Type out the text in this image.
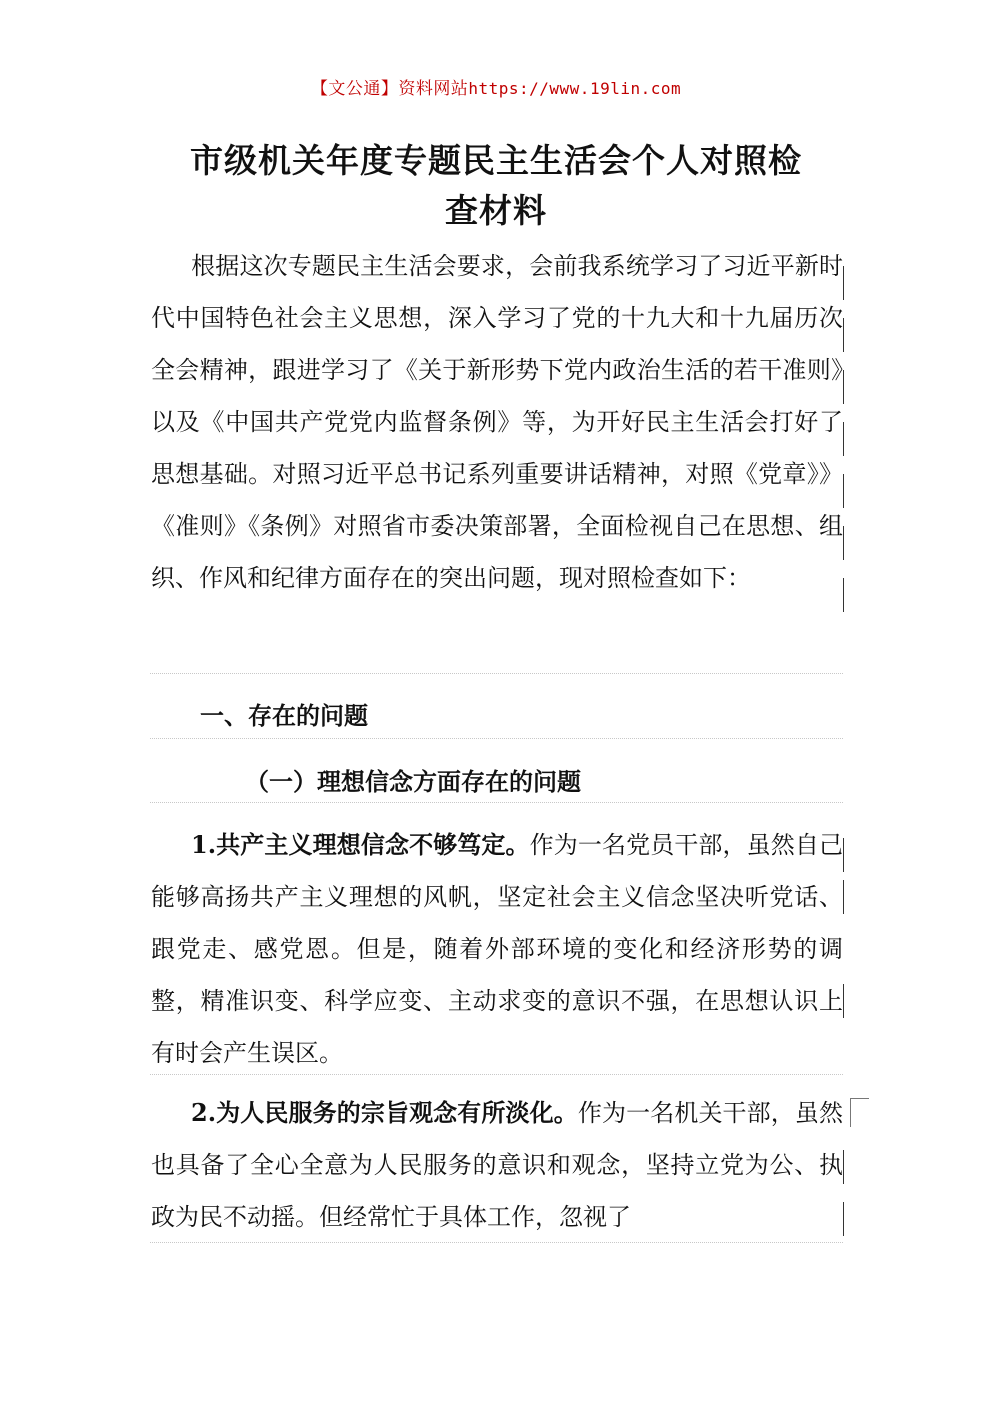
【文公通】资料网站https://www.19lin.com
市级机关年度专题民主生活会个人对照检
查材料
根据这次专题民主生活会要求，会前我系统学习了习近平新时代中国特色社会主义思想，深入学习了党的十九大和十九届历次全会精神，跟进学习了《关于新形势下党内政治生活的若干准则》以及《中国共产党党内监督条例》等，为开好民主生活会打好了思想基础。对照习近平总书记系列重要讲话精神，对照《党章》》《准则》《条例》对照省市委决策部署，全面检视自己在思想、组织、作风和纪律方面存在的突出问题，现对照检查如下：
一、存在的问题
（一）理想信念方面存在的问题
1.共产主义理想信念不够笃定。作为一名党员干部，虽然自己能够高扬共产主义理想的风帆，坚定社会主义信念坚决听党话、跟党走、感党恩。但是，随着外部环境的变化和经济形势的调整，精准识变、科学应变、主动求变的意识不强，在思想认识上有时会产生误区。
2.为人民服务的宗旨观念有所淡化。作为一名机关干部，虽然也具备了全心全意为人民服务的意识和观念，坚持立党为公、执政为民不动摇。但经常忙于具体工作，忽视了
